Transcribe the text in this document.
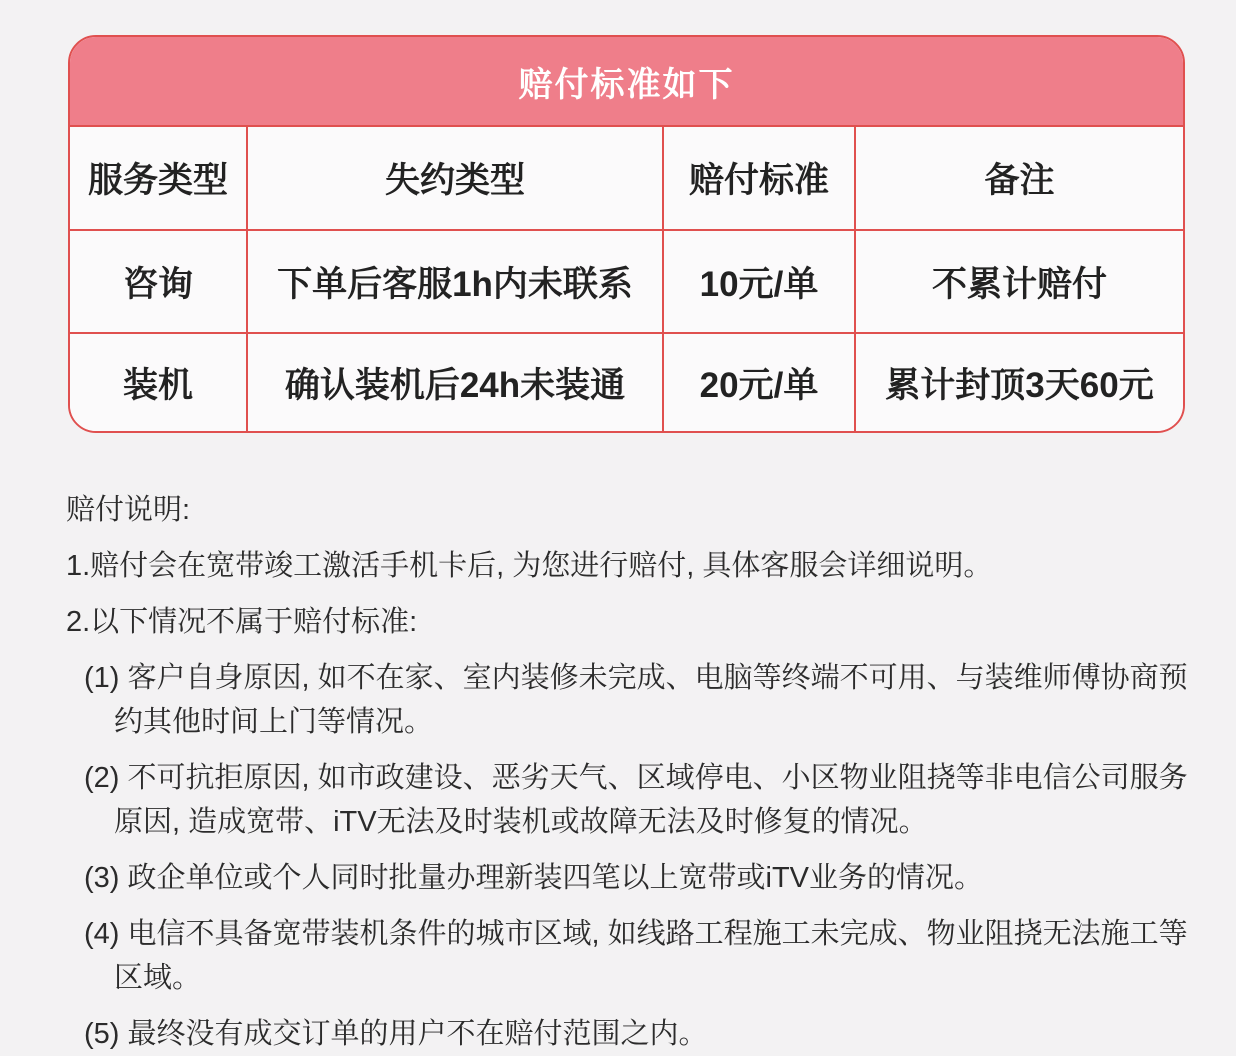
赔付标准如下
服务类型	失约类型	赔付标准	备注
咨询	下单后客服1h内未联系	10元/单	不累计赔付
装机	确认装机后24h未装通	20元/单	累计封顶3天60元
赔付说明:
1.赔付会在宽带竣工激活手机卡后, 为您进行赔付, 具体客服会详细说明。
2.以下情况不属于赔付标准:
(1) 客户自身原因, 如不在家、室内装修未完成、电脑等终端不可用、与装维师傅协商预约其他时间上门等情况。
(2) 不可抗拒原因, 如市政建设、恶劣天气、区域停电、小区物业阻挠等非电信公司服务原因, 造成宽带、iTV无法及时装机或故障无法及时修复的情况。
(3) 政企单位或个人同时批量办理新装四笔以上宽带或iTV业务的情况。
(4) 电信不具备宽带装机条件的城市区域, 如线路工程施工未完成、物业阻挠无法施工等区域。
(5) 最终没有成交订单的用户不在赔付范围之内。
